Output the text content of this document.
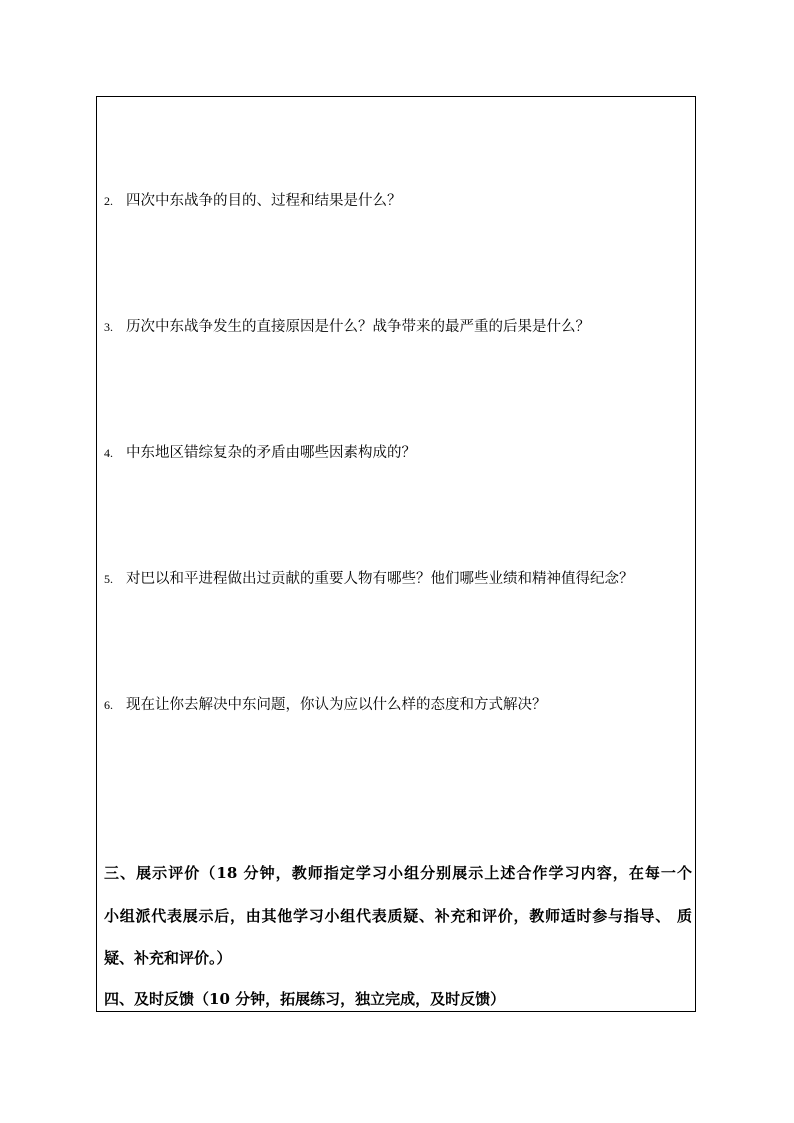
2. 四次中东战争的目的、过程和结果是什么？
3. 历次中东战争发生的直接原因是什么？战争带来的最严重的后果是什么？
4. 中东地区错综复杂的矛盾由哪些因素构成的？
5. 对巴以和平进程做出过贡献的重要人物有哪些？他们哪些业绩和精神值得纪念？
6. 现在让你去解决中东问题，你认为应以什么样的态度和方式解决？
三、展示评价（18 分钟，教师指定学习小组分别展示上述合作学习内容，在每一个
小组派代表展示后，由其他学习小组代表质疑、补充和评价，教师适时参与指导、 质
疑、补充和评价。）
四、及时反馈（10 分钟，拓展练习，独立完成，及时反馈）
